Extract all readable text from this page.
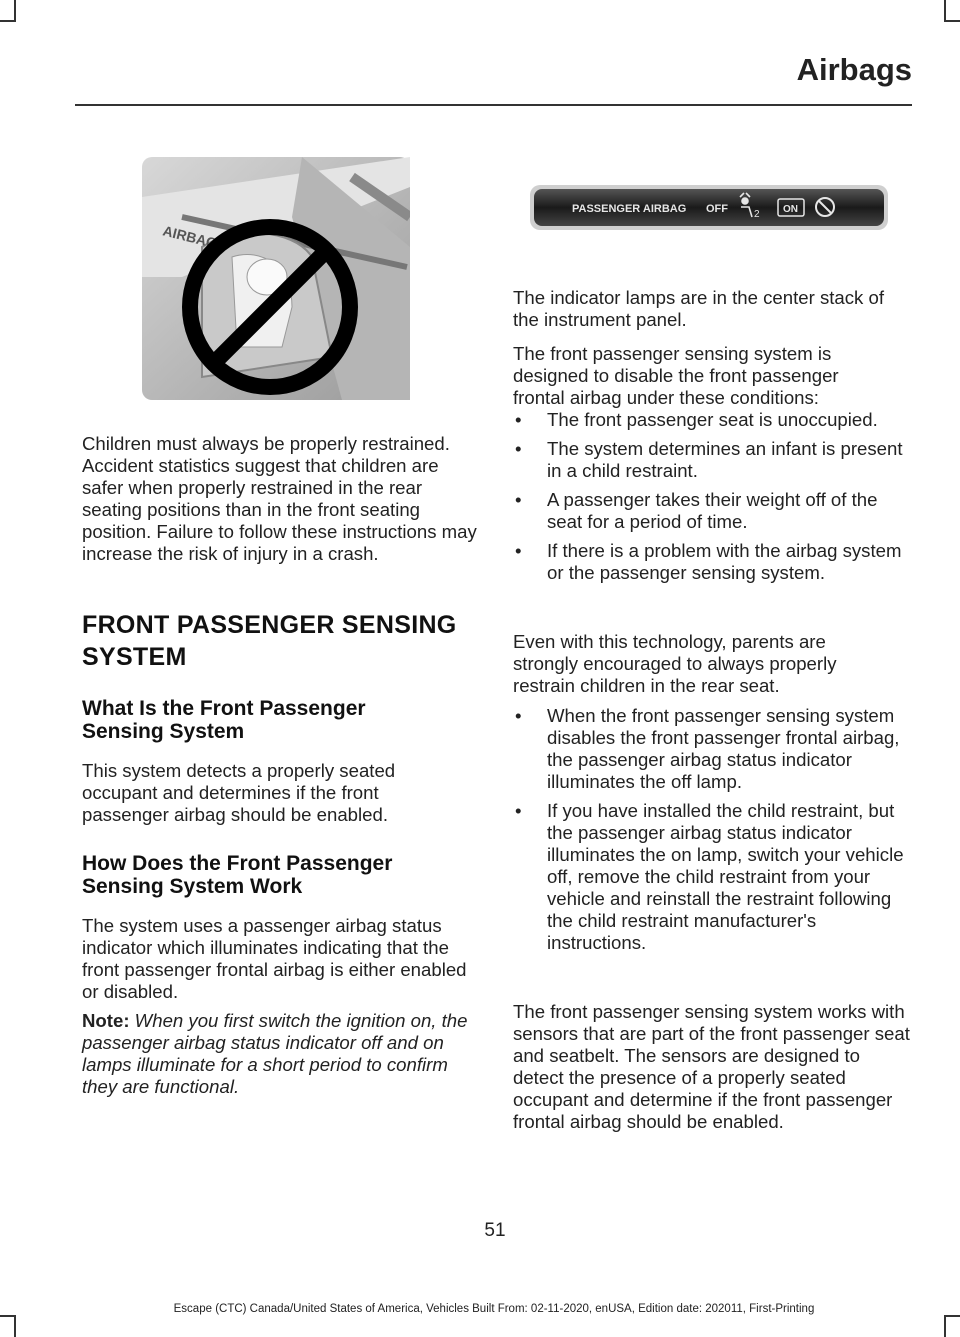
Airbags
AIRBAG
PASSENGER AIRBAG OFF	2 ON

Children must always be properly restrained. Accident statistics suggest that children are safer when properly restrained in the rear seating positions than in the front seating position. Failure to follow these instructions may increase the risk of injury in a crash.

FRONT PASSENGER SENSING
SYSTEM
What Is the Front Passenger
Sensing System

This system detects a properly seated occupant and determines if the front passenger airbag should be enabled.

How Does the Front Passenger
Sensing System Work

The system uses a passenger airbag status indicator which illuminates indicating that the front passenger frontal airbag is either enabled or disabled.

Note: When you first switch the ignition on, the passenger airbag status indicator off and on lamps illuminate for a short period to confirm they are functional.

The indicator lamps are in the center stack of the instrument panel.

The front passenger sensing system is designed to disable the front passenger frontal airbag under these conditions:

• The front passenger seat is unoccupied.
• The system determines an infant is present in a child restraint.
• A passenger takes their weight off of the seat for a period of time.
• If there is a problem with the airbag system or the passenger sensing system.

Even with this technology, parents are strongly encouraged to always properly restrain children in the rear seat.

• When the front passenger sensing system disables the front passenger frontal airbag, the passenger airbag status indicator illuminates the off lamp.
• If you have installed the child restraint, but the passenger airbag status indicator illuminates the on lamp, switch your vehicle off, remove the child restraint from your vehicle and reinstall the restraint following the child restraint manufacturer's instructions.

The front passenger sensing system works with sensors that are part of the front passenger seat and seatbelt. The sensors are designed to detect the presence of a properly seated occupant and determine if the front passenger frontal airbag should be enabled.

51
Escape (CTC) Canada/United States of America, Vehicles Built From: 02-11-2020, enUSA, Edition date: 202011, First-Printing
